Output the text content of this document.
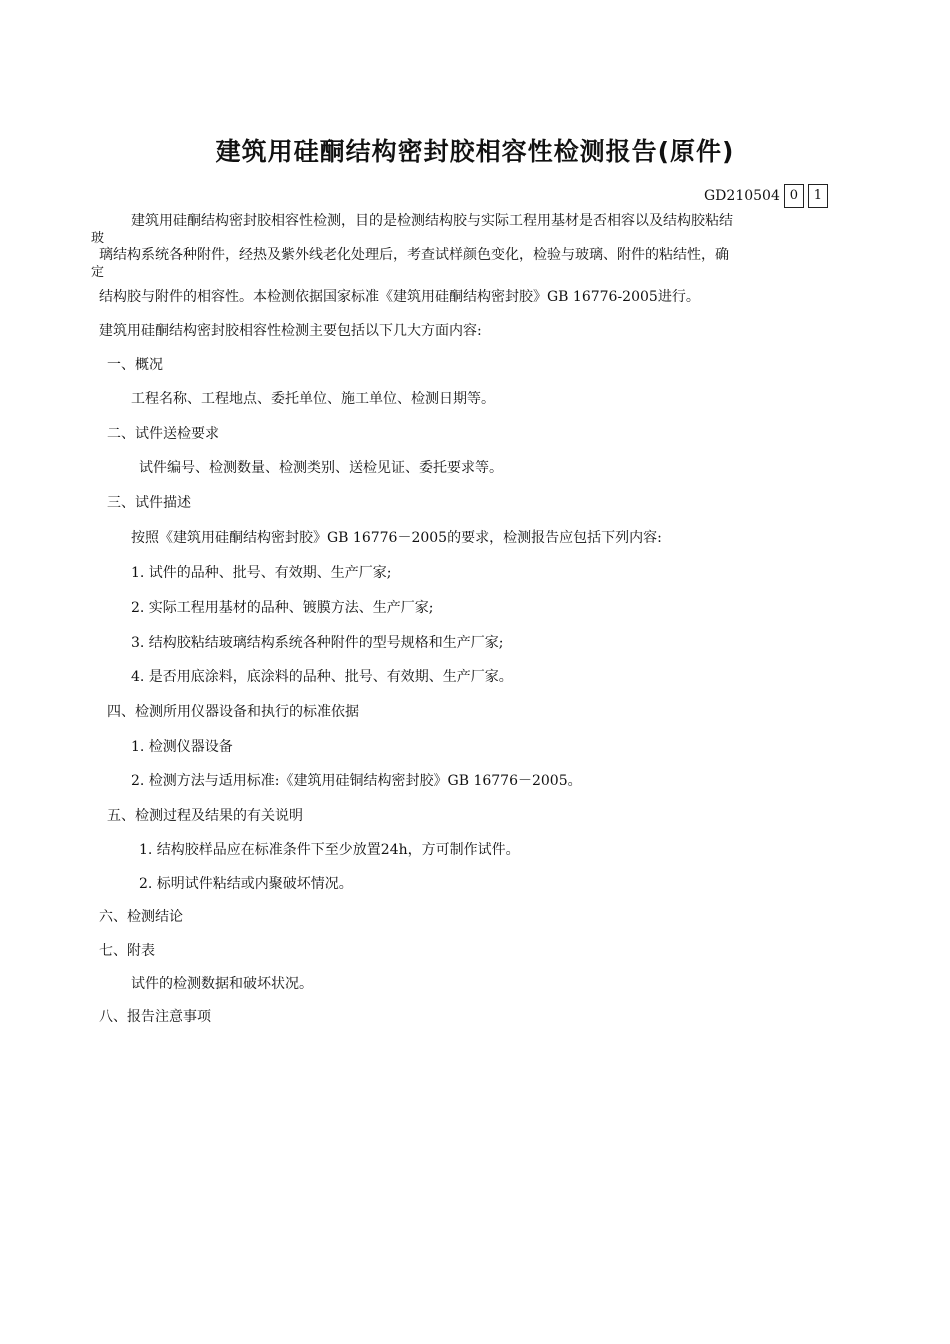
建筑用硅酮结构密封胶相容性检测报告(原件)
GD210504 0	1
建筑用硅酮结构密封胶相容性检测，目的是检测结构胶与实际工程用基材是否相容以及结构胶粘结
玻
璃结构系统各种附件，经热及紫外线老化处理后，考查试样颜色变化，检验与玻璃、附件的粘结性，确
定
结构胶与附件的相容性。本检测依据国家标准《建筑用硅酮结构密封胶》GB 16776-2005进行。
建筑用硅酮结构密封胶相容性检测主要包括以下几大方面内容:
一、概况
工程名称、工程地点、委托单位、施工单位、检测日期等。
二、试件送检要求
试件编号、检测数量、检测类别、送检见证、委托要求等。
三、试件描述
按照《建筑用硅酮结构密封胶》GB 16776－2005的要求，检测报告应包括下列内容:
1. 试件的品种、批号、有效期、生产厂家;
2. 实际工程用基材的品种、镀膜方法、生产厂家;
3. 结构胶粘结玻璃结构系统各种附件的型号规格和生产厂家;
4. 是否用底涂料，底涂料的品种、批号、有效期、生产厂家。
四、检测所用仪器设备和执行的标准依据
1. 检测仪器设备
2. 检测方法与适用标准:《建筑用硅铜结构密封胶》GB 16776－2005。
五、检测过程及结果的有关说明
1. 结构胶样品应在标准条件下至少放置24h，方可制作试件。
2. 标明试件粘结或内聚破坏情况。
六、检测结论
七、附表
试件的检测数据和破坏状况。
八、报告注意事项
